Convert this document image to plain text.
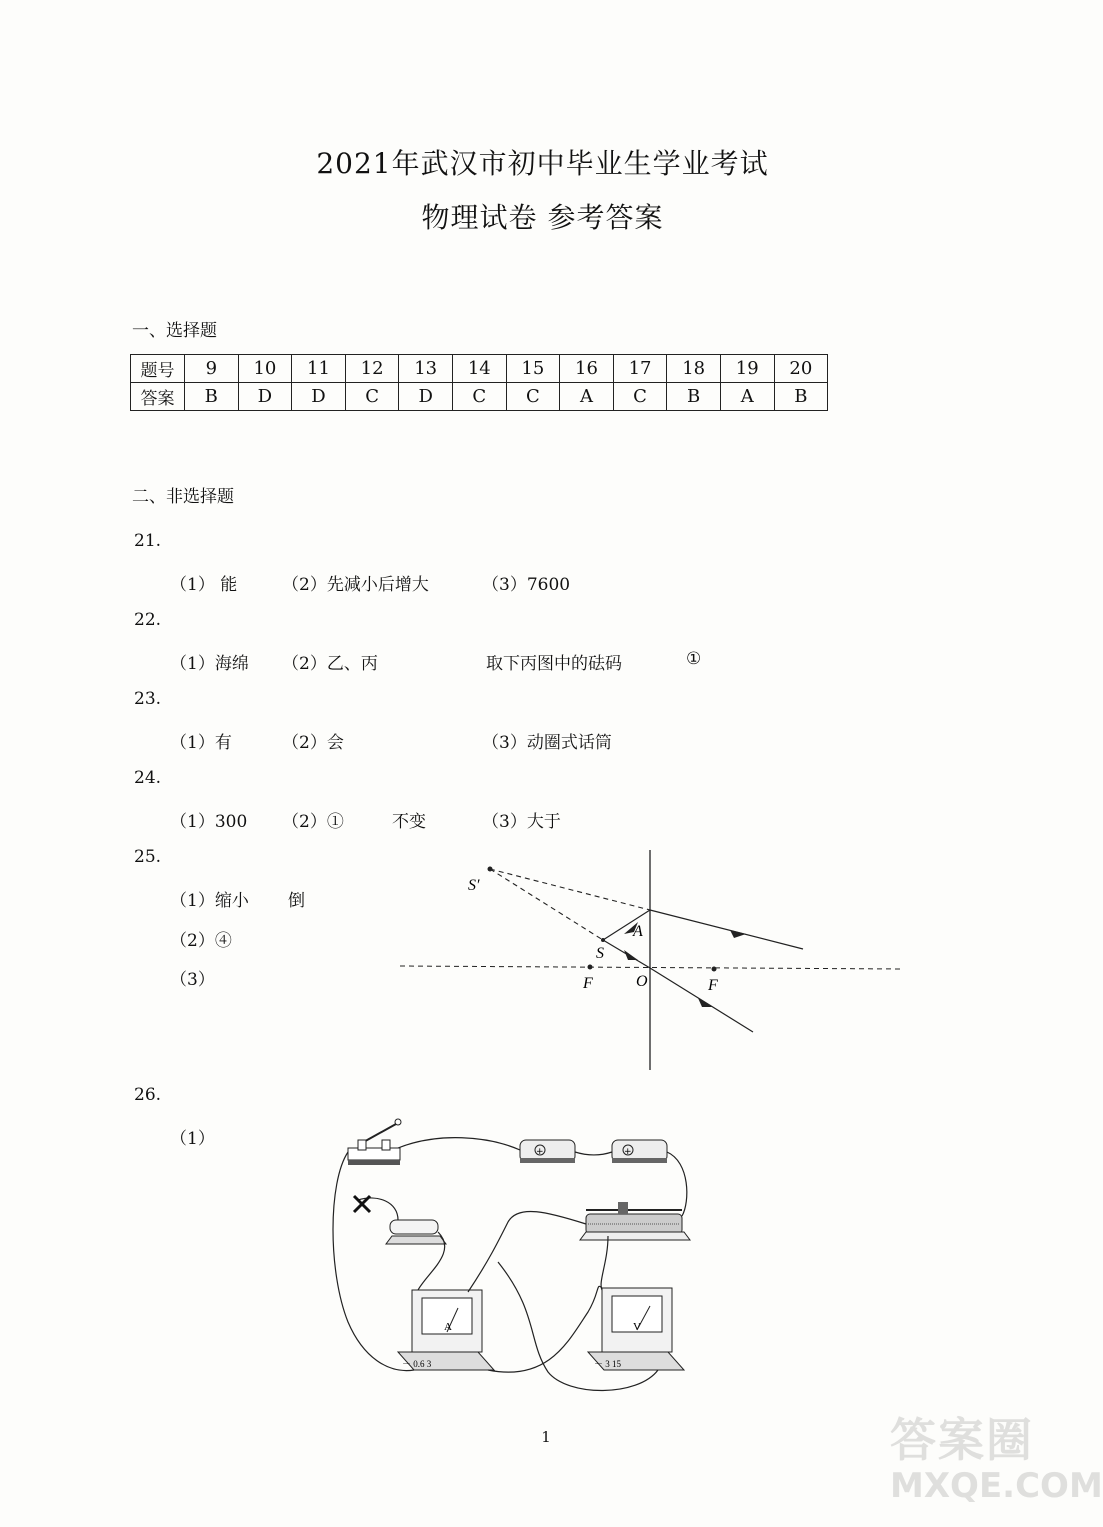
2021年武汉市初中毕业生学业考试
物理试卷 参考答案
一、选择题
题号	9	10	11	12	13	14	15	16	17	18	19	20
答案	B	D	D	C	D	C	C	A	C	B	A	B
二、非选择题
21.
（1） 能	（2）先减小后增大	（3）7600
22.
（1）海绵 （2）乙、丙	取下丙图中的砝码	①
23.
（1）有	（2）会	（3）动圈式话筒
24.
（1）300 （2）①	不变	（3）大于
25.
（1）缩小 倒
（2）④
（3）
S′
S
A
F	O	F
26.
（1）
+	+
A
－ 0.6 3
V
－ 3 15
1	答案圈
MXQE.COM
